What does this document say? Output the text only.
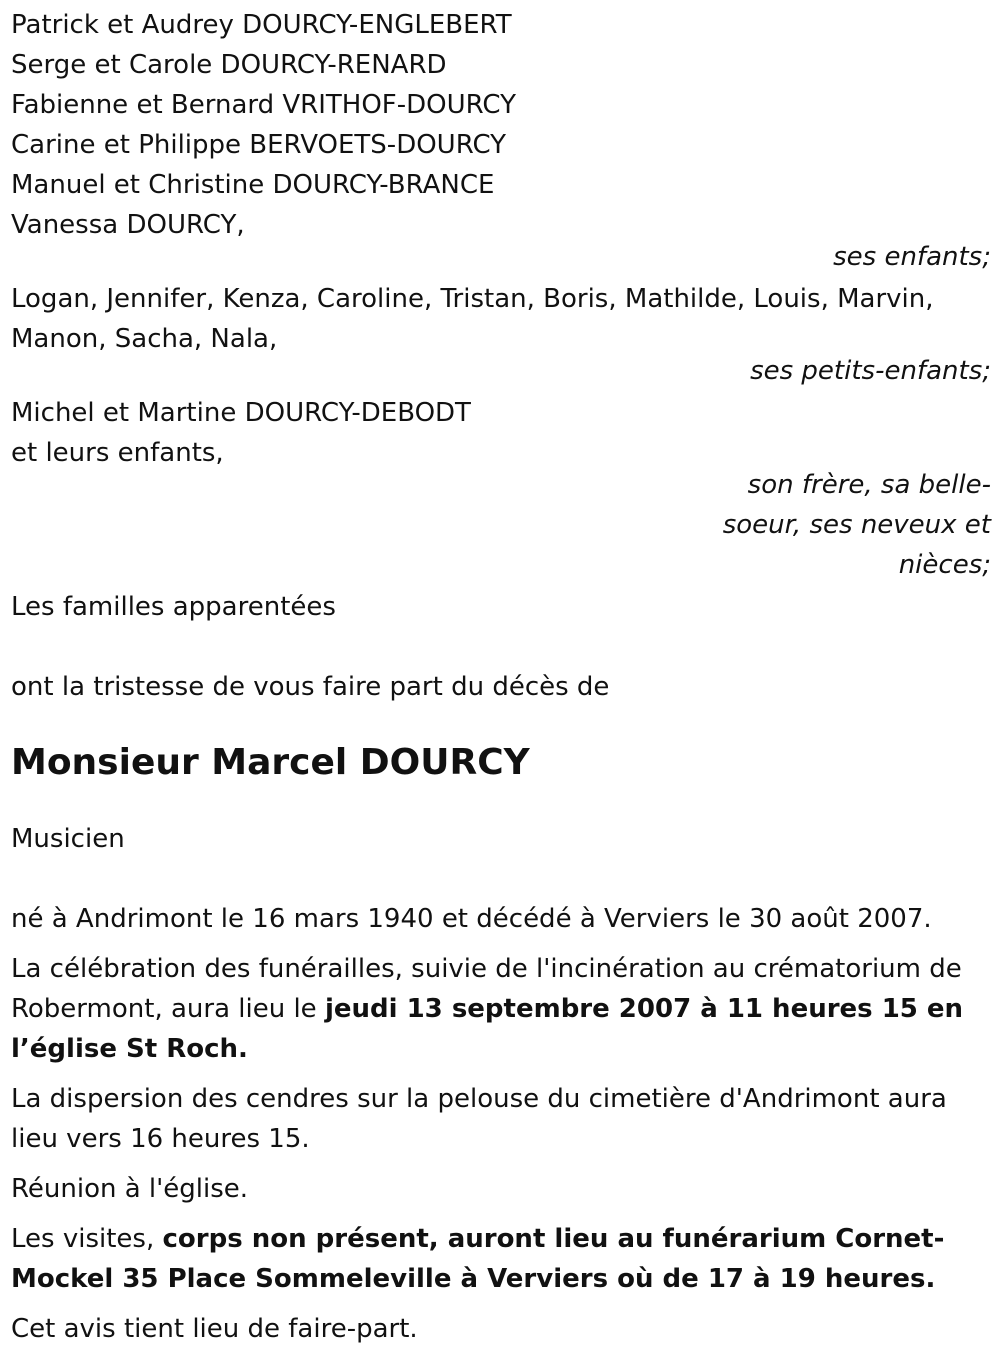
Patrick et Audrey DOURCY-ENGLEBERT
Serge et Carole DOURCY-RENARD
Fabienne et Bernard VRITHOF-DOURCY
Carine et Philippe BERVOETS-DOURCY
Manuel et Christine DOURCY-BRANCE
Vanessa DOURCY,
ses enfants;
Logan, Jennifer, Kenza, Caroline, Tristan, Boris, Mathilde, Louis, Marvin,
Manon, Sacha, Nala,
ses petits-enfants;
Michel et Martine DOURCY-DEBODT
et leurs enfants,
son frère, sa belle-
soeur, ses neveux et
nièces;
Les familles apparentées
ont la tristesse de vous faire part du décès de
Monsieur Marcel DOURCY
Musicien
né à Andrimont le 16 mars 1940 et décédé à Verviers le 30 août 2007.
La célébration des funérailles, suivie de l'incinération au crématorium de
Robermont, aura lieu le jeudi 13 septembre 2007 à 11 heures 15 en
l’église St Roch.
La dispersion des cendres sur la pelouse du cimetière d'Andrimont aura
lieu vers 16 heures 15.
Réunion à l'église.
Les visites, corps non présent, auront lieu au funérarium Cornet-
Mockel 35 Place Sommeleville à Verviers où de 17 à 19 heures.
Cet avis tient lieu de faire-part.
